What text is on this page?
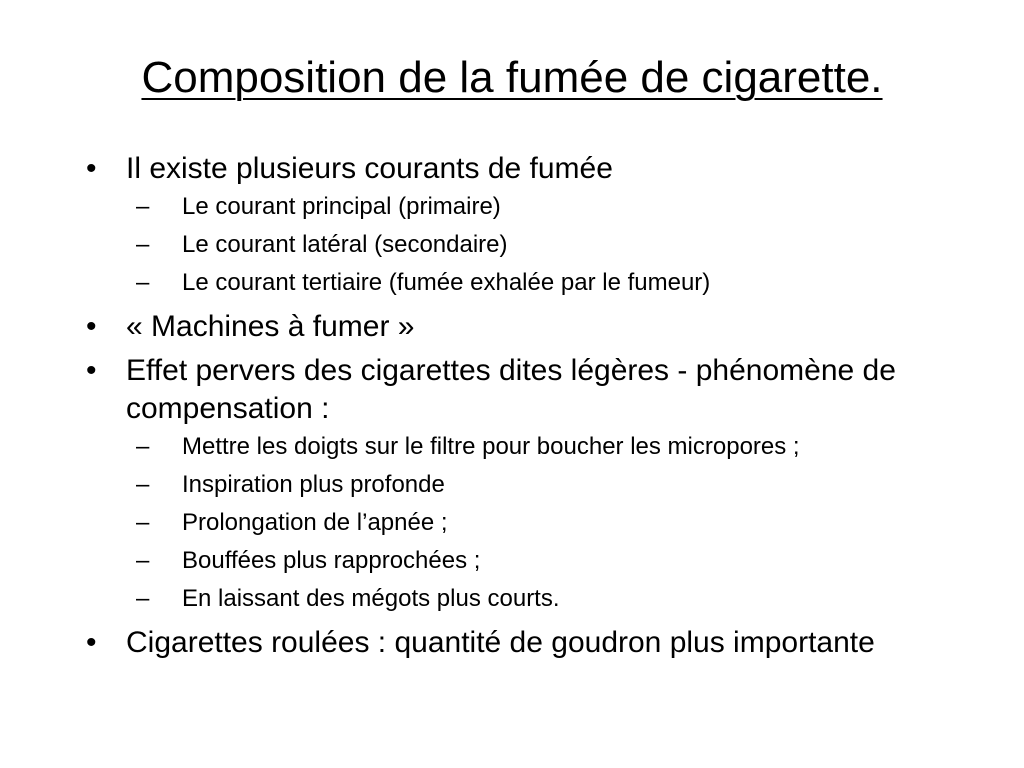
Composition de la fumée de cigarette.
• Il existe plusieurs courants de fumée
–	Le courant principal (primaire)
–	Le courant latéral (secondaire)
–	Le courant tertiaire (fumée exhalée par le fumeur)
• « Machines à fumer »
• Effet pervers des cigarettes dites légères - phénomène de compensation :
–	Mettre les doigts sur le filtre pour boucher les micropores ;
–	Inspiration plus profonde
–	Prolongation de l’apnée ;
–	Bouffées plus rapprochées ;
–	En laissant des mégots plus courts.
• Cigarettes roulées : quantité de goudron plus importante
